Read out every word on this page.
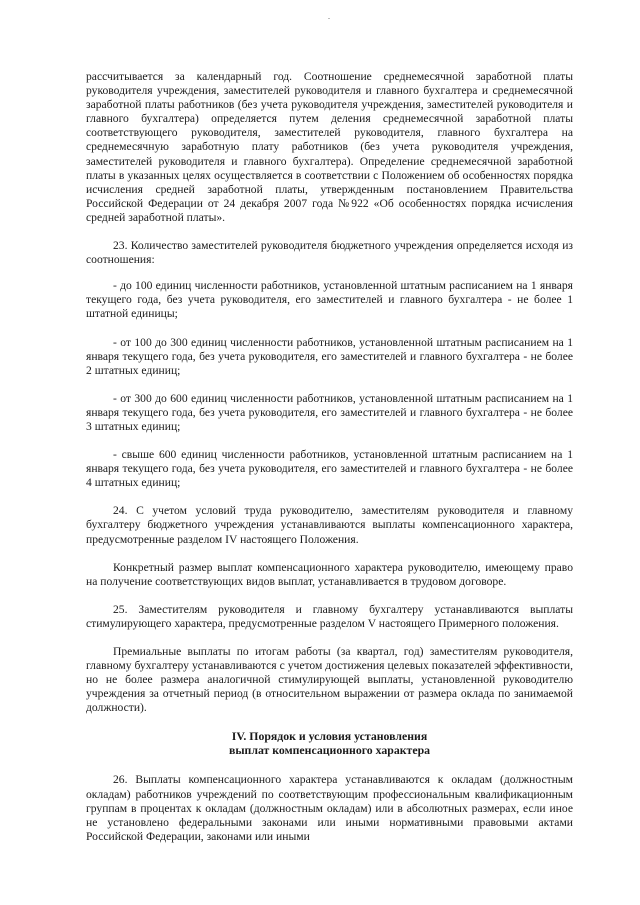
.

рассчитывается за календарный год. Соотношение среднемесячной заработной платы руководителя учреждения, заместителей руководителя и главного бухгалтера и среднемесячной заработной платы работников (без учета руководителя учреждения, заместителей руководителя и главного бухгалтера) определяется путем деления среднемесячной заработной платы соответствующего руководителя, заместителей руководителя, главного бухгалтера на среднемесячную заработную плату работников (без учета руководителя учреждения, заместителей руководителя и главного бухгалтера). Определение среднемесячной заработной платы в указанных целях осуществляется в соответствии с Положением об особенностях порядка исчисления средней заработной платы, утвержденным постановлением Правительства Российской Федерации от 24 декабря 2007 года №922 «Об особенностях порядка исчисления средней заработной платы».

23. Количество заместителей руководителя бюджетного учреждения определяется исходя из соотношения:

- до 100 единиц численности работников, установленной штатным расписанием на 1 января текущего года, без учета руководителя, его заместителей и главного бухгалтера - не более 1 штатной единицы;

- от 100 до 300 единиц численности работников, установленной штатным расписанием на 1 января текущего года, без учета руководителя, его заместителей и главного бухгалтера - не более 2 штатных единиц;

- от 300 до 600 единиц численности работников, установленной штатным расписанием на 1 января текущего года, без учета руководителя, его заместителей и главного бухгалтера - не более 3 штатных единиц;

- свыше 600 единиц численности работников, установленной штатным расписанием на 1 января текущего года, без учета руководителя, его заместителей и главного бухгалтера - не более 4 штатных единиц;

24. С учетом условий труда руководителю, заместителям руководителя и главному бухгалтеру бюджетного учреждения устанавливаются выплаты компенсационного характера, предусмотренные разделом IV настоящего Положения.

Конкретный размер выплат компенсационного характера руководителю, имеющему право на получение соответствующих видов выплат, устанавливается в трудовом договоре.

25. Заместителям руководителя и главному бухгалтеру устанавливаются выплаты стимулирующего характера, предусмотренные разделом V настоящего Примерного положения.

Премиальные выплаты по итогам работы (за квартал, год) заместителям руководителя, главному бухгалтеру устанавливаются с учетом достижения целевых показателей эффективности, но не более размера аналогичной стимулирующей выплаты, установленной руководителю учреждения за отчетный период (в относительном выражении от размера оклада по занимаемой должности).

IV. Порядок и условия установления
выплат компенсационного характера

26. Выплаты компенсационного характера устанавливаются к окладам (должностным окладам) работников учреждений по соответствующим профессиональным квалификационным группам в процентах к окладам (должностным окладам) или в абсолютных размерах, если иное не установлено федеральными законами или иными нормативными правовыми актами Российской Федерации, законами или иными
